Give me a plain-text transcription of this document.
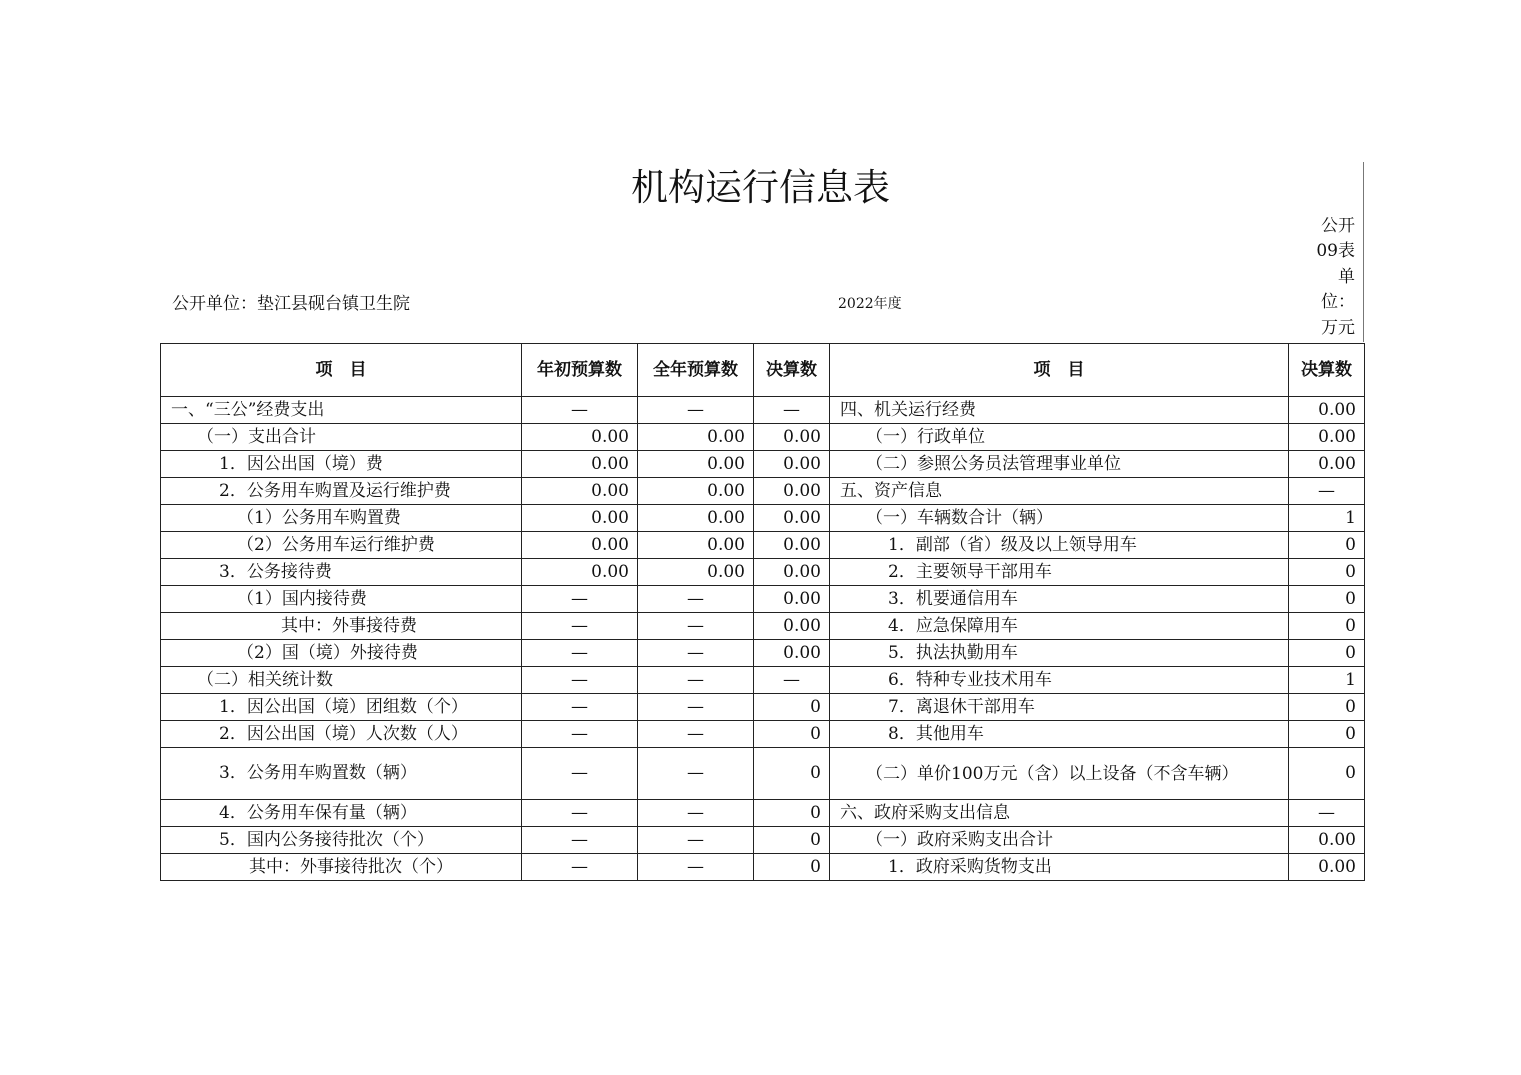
机构运行信息表
公开单位：垫江县砚台镇卫生院	2022年度
公开
09表
单
位：
万元
项　目	年初预算数	全年预算数	决算数	项　目	决算数
一、“三公”经费支出	—	—	—	四、机关运行经费	0.00
（一）支出合计	0.00	0.00	0.00	（一）行政单位	0.00
1．因公出国（境）费	0.00	0.00	0.00	（二）参照公务员法管理事业单位	0.00
2．公务用车购置及运行维护费	0.00	0.00	0.00	五、资产信息	—
（1）公务用车购置费	0.00	0.00	0.00	（一）车辆数合计（辆）	1
（2）公务用车运行维护费	0.00	0.00	0.00	1．副部（省）级及以上领导用车	0
3．公务接待费	0.00	0.00	0.00	2．主要领导干部用车	0
（1）国内接待费	—	—	0.00	3．机要通信用车	0
其中：外事接待费	—	—	0.00	4．应急保障用车	0
（2）国（境）外接待费	—	—	0.00	5．执法执勤用车	0
（二）相关统计数	—	—	—	6．特种专业技术用车	1
1．因公出国（境）团组数（个）	—	—	0	7．离退休干部用车	0
2．因公出国（境）人次数（人）	—	—	0	8．其他用车	0
3．公务用车购置数（辆）	—	—	0	（二）单价100万元（含）以上设备（不含车辆）	0
4．公务用车保有量（辆）	—	—	0	六、政府采购支出信息	—
5．国内公务接待批次（个）	—	—	0	（一）政府采购支出合计	0.00
其中：外事接待批次（个）	—	—	0	1．政府采购货物支出	0.00
